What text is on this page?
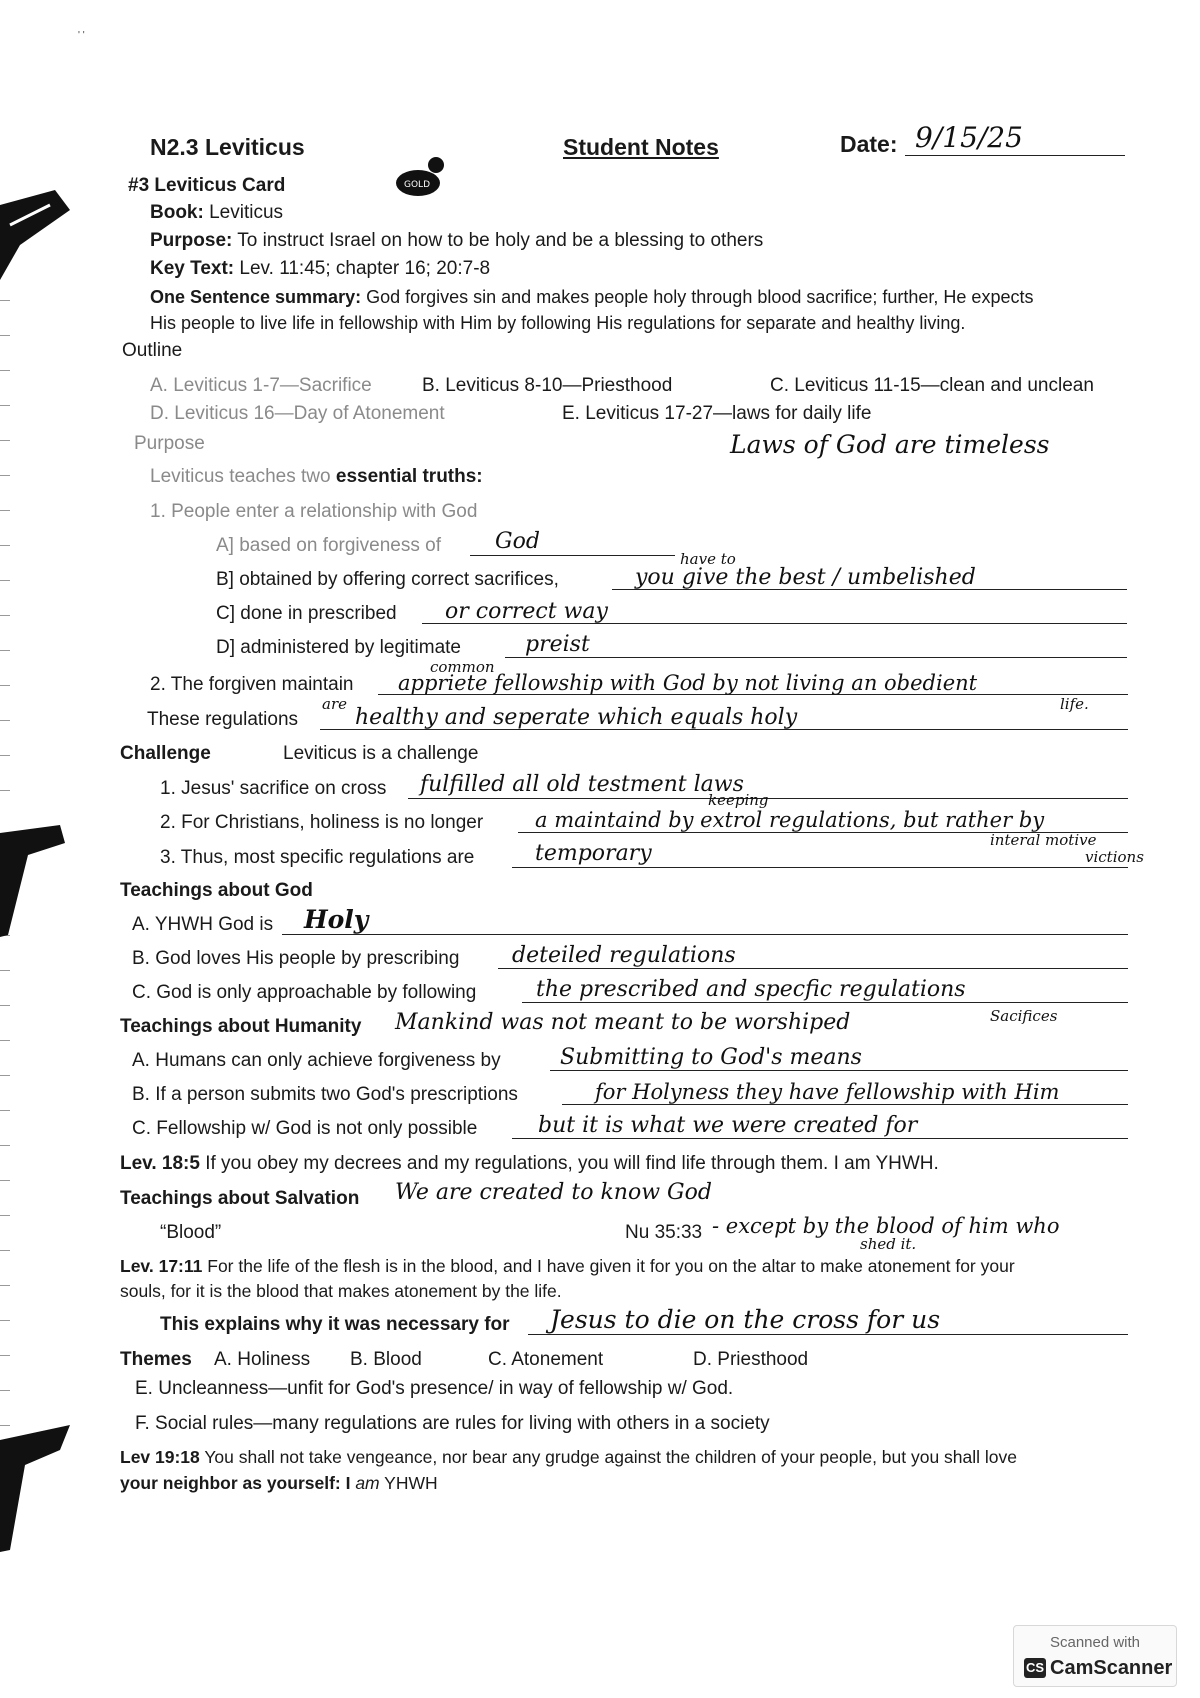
' '
N2.3 Leviticus	Student Notes	Date: 9/15/25
GOLD
#3 Leviticus Card
Book: Leviticus
Purpose: To instruct Israel on how to be holy and be a blessing to others
Key Text: Lev. 11:45; chapter 16; 20:7-8
One Sentence summary: God forgives sin and makes people holy through blood sacrifice; further, He expects
His people to live life in fellowship with Him by following His regulations for separate and healthy living.
Outline
A. Leviticus 1-7—Sacrifice	B. Leviticus 8-10—Priesthood	C. Leviticus 11-15—clean and unclean
D. Leviticus 16—Day of Atonement	E. Leviticus 17-27—laws for daily life
Purpose	Laws of God are timeless
Leviticus teaches two essential truths:
1. People enter a relationship with God
A] based on forgiveness of God
B] obtained by offering correct sacrifices,
have to
you give the best / umbelished
C] done in prescribed or correct way
D] administered by legitimate	preist
2. The forgiven maintain
common
appriete fellowship with God by not living an obedient
life.
These regulations
are
healthy and seperate which equals holy
Challenge	Leviticus is a challenge
1. Jesus' sacrifice on cross fulfilled all old testment laws
2. For Christians, holiness is no longer
keeping
a maintaind by extrol regulations, but rather by
interal motive
3. Thus, most specific regulations are	temporary	victions
Teachings about God
A. YHWH God is Holy
B. God loves His people by prescribing deteiled regulations
C. God is only approachable by following	the prescribed and specfic regulations
Sacifices
Teachings about Humanity Mankind was not meant to be worshiped
A. Humans can only achieve forgiveness by	Submitting to God's means
B. If a person submits two God's prescriptions	for Holyness they have fellowship with Him
C. Fellowship w/ God is not only possible	but it is what we were created for
Lev. 18:5 If you obey my decrees and my regulations, you will find life through them. I am YHWH.
Teachings about Salvation We are created to know God
“Blood”	Nu 35:33 - except by the blood of him who
shed it.
Lev. 17:11 For the life of the flesh is in the blood, and I have given it for you on the altar to make atonement for your
souls, for it is the blood that makes atonement by the life.
This explains why it was necessary for Jesus to die on the cross for us
Themes A. Holiness B. Blood	C. Atonement	D. Priesthood
E. Uncleanness—unfit for God's presence/ in way of fellowship w/ God.
F. Social rules—many regulations are rules for living with others in a society
Lev 19:18 You shall not take vengeance, nor bear any grudge against the children of your people, but you shall love
your neighbor as yourself: I am YHWH
Scanned with
CS CamScanner
